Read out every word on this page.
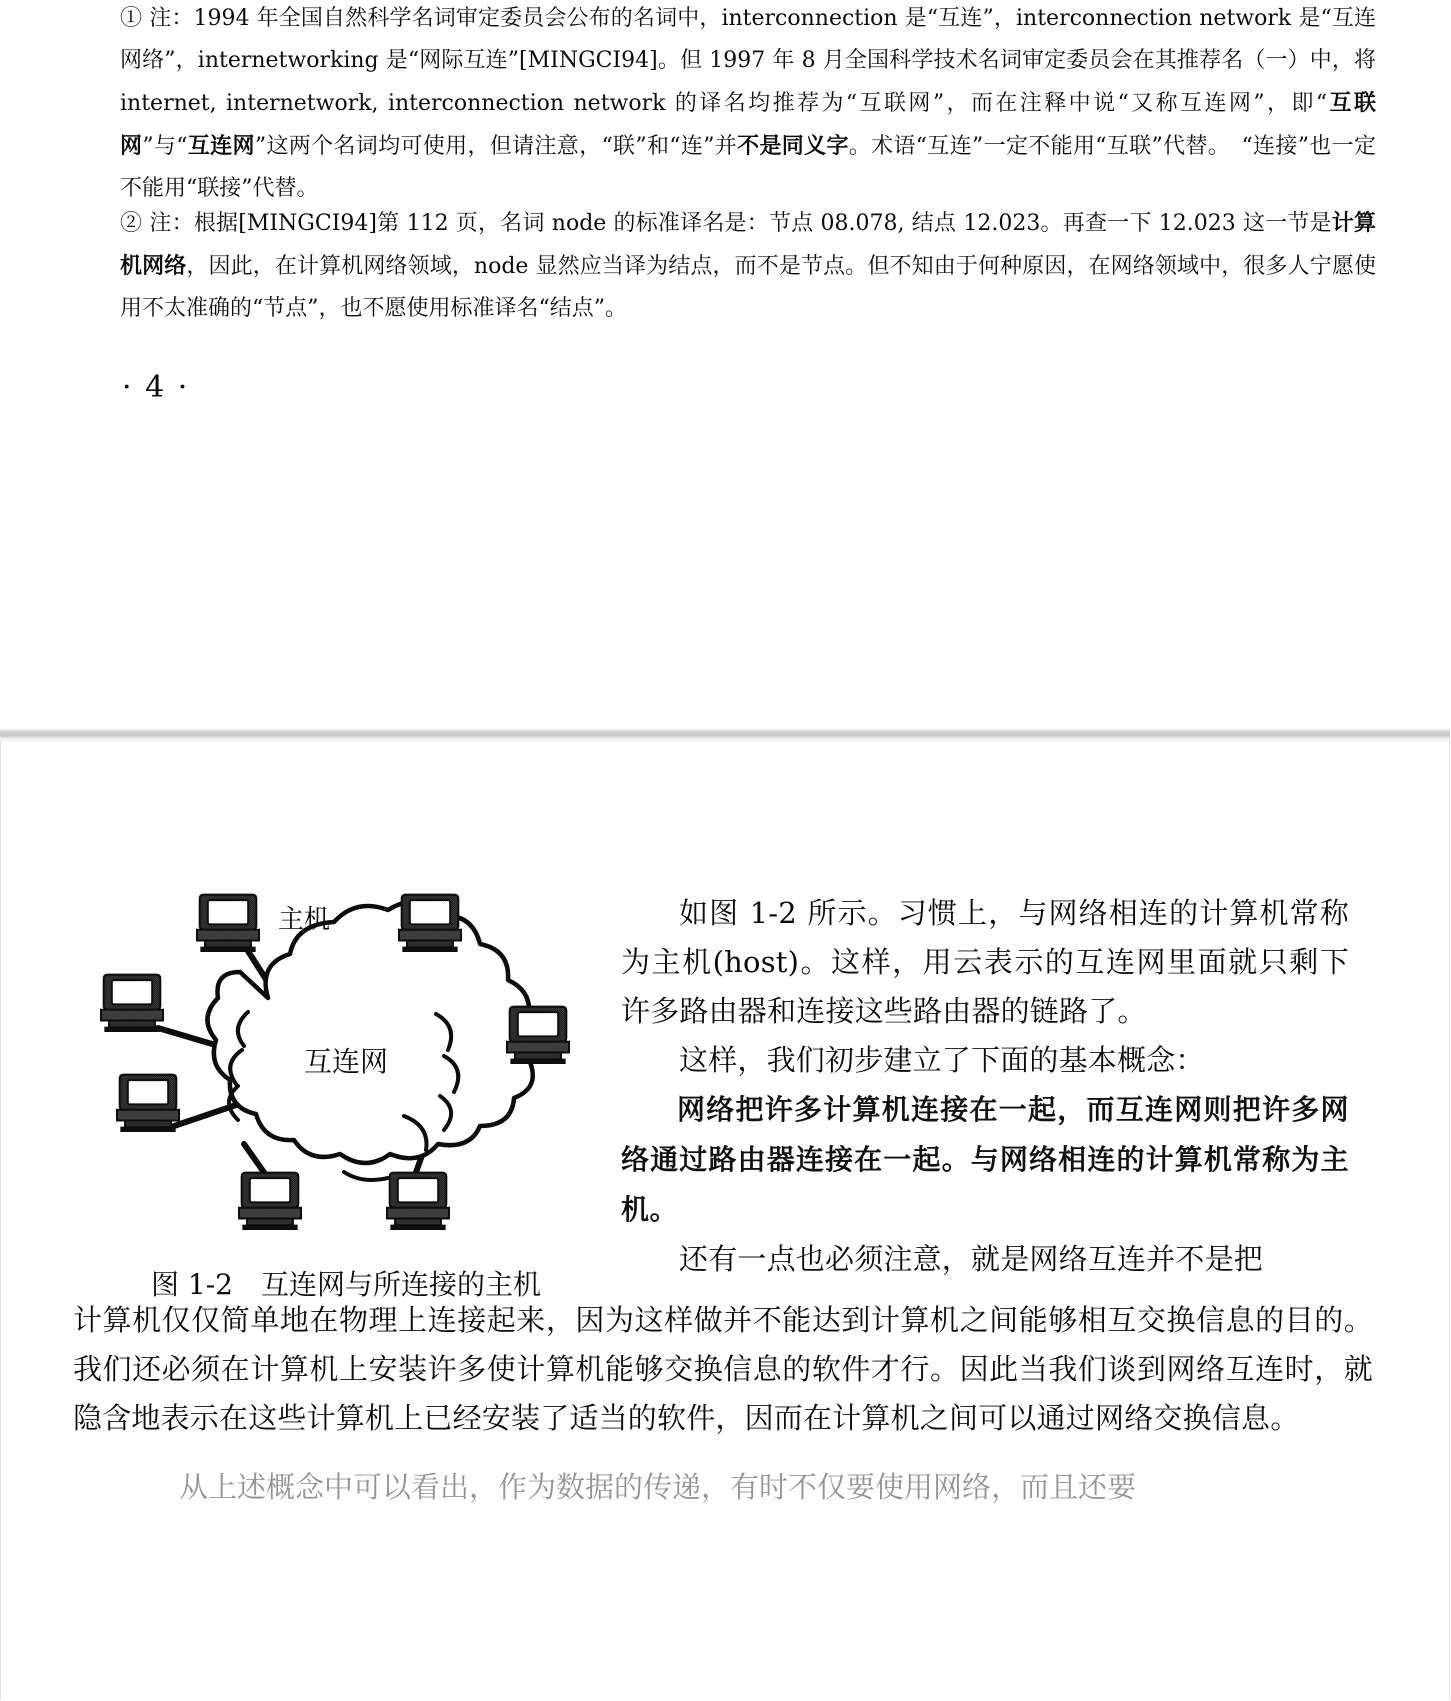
① 注：1994 年全国自然科学名词审定委员会公布的名词中，interconnection 是“互连”，interconnection network 是“互连网络”，internetworking 是“网际互连”[MINGCI94]。但 1997 年 8 月全国科学技术名词审定委员会在其推荐名（一）中，将 internet, internetwork, interconnection network 的译名均推荐为“互联网”，而在注释中说“又称互连网”，即“互联网”与“互连网”这两个名词均可使用，但请注意，“联”和“连”并不是同义字。术语“互连”一定不能用“互联”代替。　“连接”也一定不能用“联接”代替。
② 注：根据[MINGCI94]第 112 页，名词 node 的标准译名是：节点 08.078, 结点 12.023。再查一下 12.023 这一节是计算机网络，因此，在计算机网络领域，node 显然应当译为结点，而不是节点。但不知由于何种原因，在网络领域中，很多人宁愿使用不太准确的“节点”，也不愿使用标准译名“结点”。
· 4 ·
互连网
主机
图 1-2　互连网与所连接的主机

如图 1-2 所示。习惯上，与网络相连的计算机常称为主机(host)。这样，用云表示的互连网里面就只剩下许多路由器和连接这些路由器的链路了。

这样，我们初步建立了下面的基本概念：

网络把许多计算机连接在一起，而互连网则把许多网络通过路由器连接在一起。与网络相连的计算机常称为主机。

还有一点也必须注意，就是网络互连并不是把

计算机仅仅简单地在物理上连接起来，因为这样做并不能达到计算机之间能够相互交换信息的目的。我们还必须在计算机上安装许多使计算机能够交换信息的软件才行。因此当我们谈到网络互连时，就隐含地表示在这些计算机上已经安装了适当的软件，因而在计算机之间可以通过网络交换信息。
　　从上述概念中可以看出，作为数据的传递，有时不仅要使用网络，而且还要
